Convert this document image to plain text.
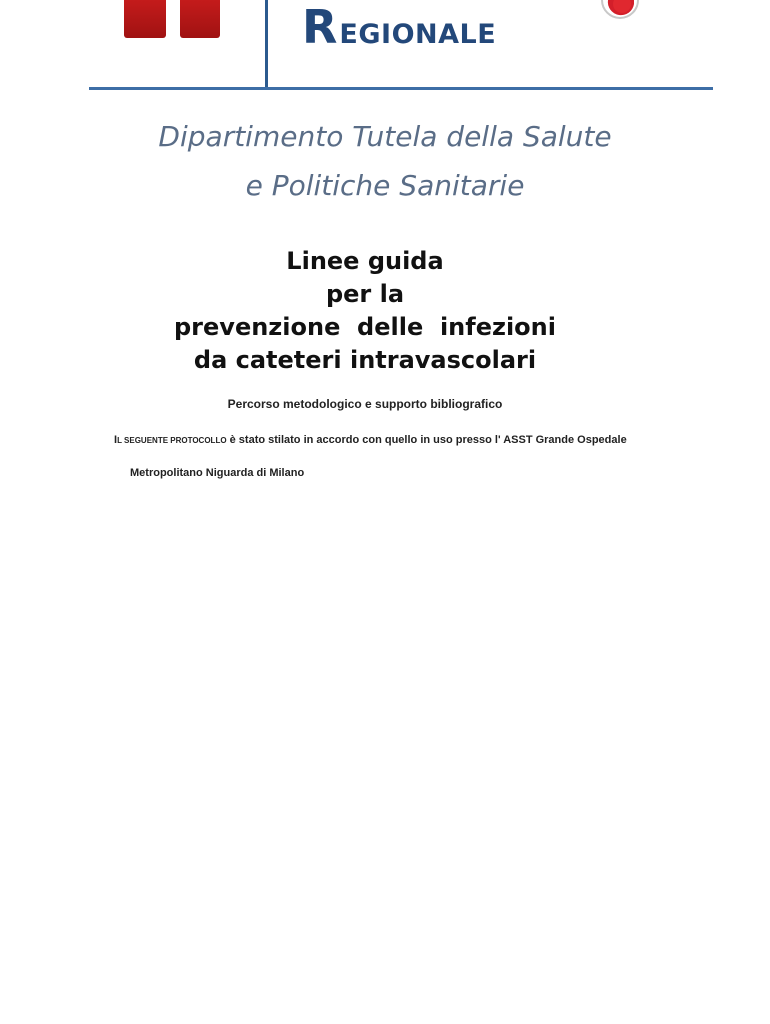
R EGIONALE
Dipartimento Tutela della Salute
e Politiche Sanitarie
Linee guida
per la
prevenzione  delle  infezioni
da cateteri intravascolari
Percorso metodologico e supporto bibliografico
IL SEGUENTE PROTOCOLLO è stato stilato in accordo con quello in uso presso l' ASST Grande Ospedale
Metropolitano Niguarda di Milano
